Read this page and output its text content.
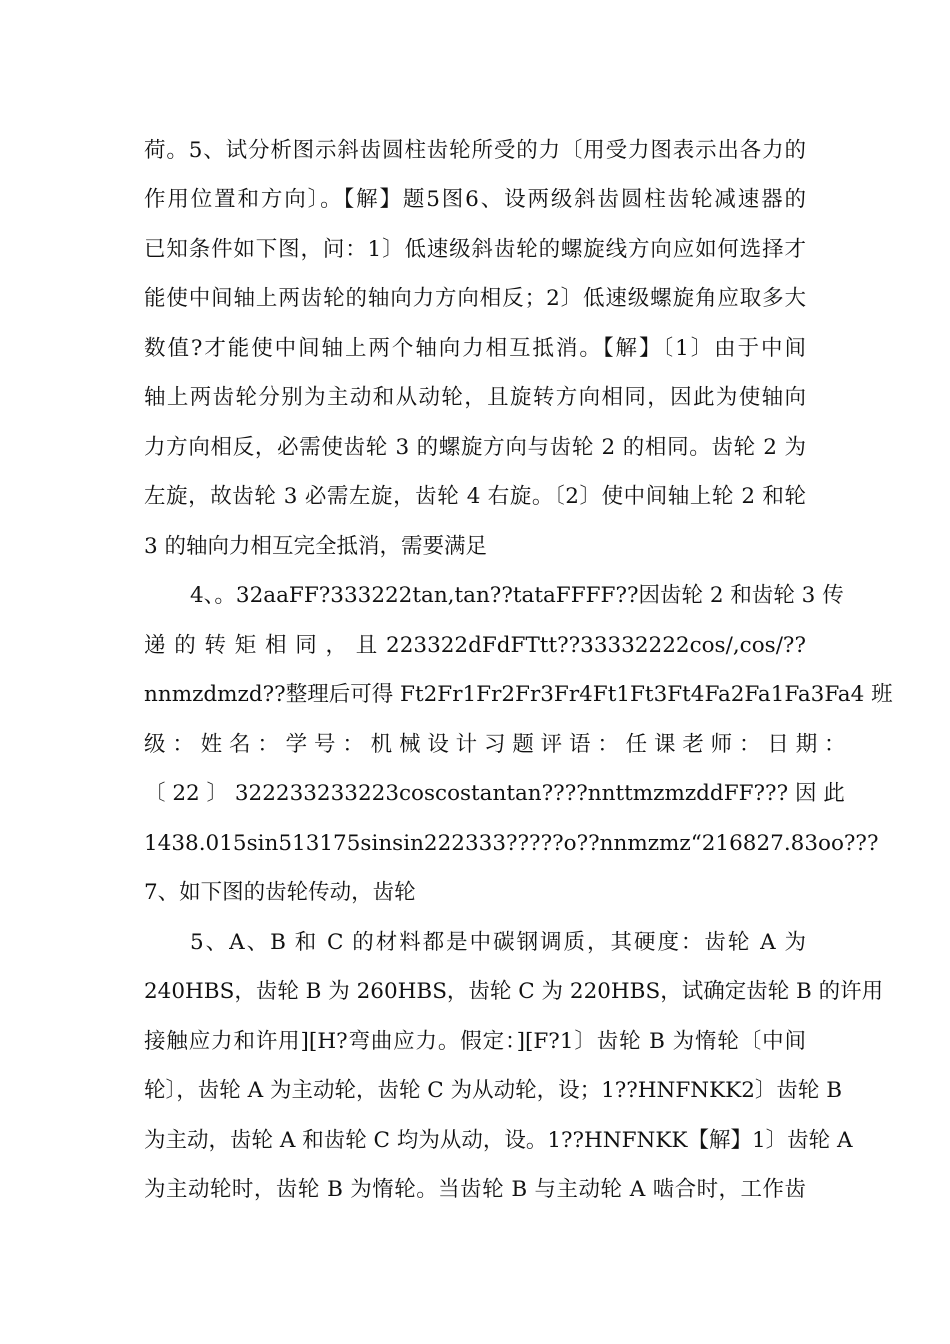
荷。5、试分析图示斜齿圆柱齿轮所受的力〔用受力图表示出各力的
作用位置和方向〕。【解】题5图6、设两级斜齿圆柱齿轮减速器的
已知条件如下图，问：1〕低速级斜齿轮的螺旋线方向应如何选择才
能使中间轴上两齿轮的轴向力方向相反；2〕低速级螺旋角应取多大
数值?才能使中间轴上两个轴向力相互抵消。【解】〔1〕由于中间
轴上两齿轮分别为主动和从动轮，且旋转方向相同，因此为使轴向
力方向相反，必需使齿轮 3 的螺旋方向与齿轮 2 的相同。齿轮 2 为
左旋，故齿轮 3 必需左旋，齿轮 4 右旋。〔2〕使中间轴上轮 2 和轮
3 的轴向力相互完全抵消，需要满足
4、。32aaFF?333222tan,tan??tataFFFF??因齿轮 2 和齿轮 3 传
递 的 转 矩 相 同 ， 且 223322dFdFTtt??33332222cos/,cos/??
nnmzdmzd??整理后可得 Ft2Fr1Fr2Fr3Fr4Ft1Ft3Ft4Fa2Fa1Fa3Fa4 班
级 ： 姓 名 ： 学 号 ： 机 械 设 计 习 题 评 语 ： 任 课 老 师 ： 日 期 ：
〔 22 〕 322233233223coscostantan????nnttmzmzddFF??? 因 此
1438.015sin513175sinsin222333?????o??nnmzmz“216827.83oo???
7、如下图的齿轮传动，齿轮
5、A、B 和 C 的材料都是中碳钢调质，其硬度：齿轮 A 为
240HBS，齿轮 B 为 260HBS，齿轮 C 为 220HBS，试确定齿轮 B 的许用
接触应力和许用][H?弯曲应力。假定：][F?1〕齿轮 B 为惰轮〔中间
轮〕，齿轮 A 为主动轮，齿轮 C 为从动轮，设；1??HNFNKK2〕齿轮 B
为主动，齿轮 A 和齿轮 C 均为从动，设。1??HNFNKK【解】1〕齿轮 A
为主动轮时，齿轮 B 为惰轮。当齿轮 B 与主动轮 A 啮合时，工作齿
